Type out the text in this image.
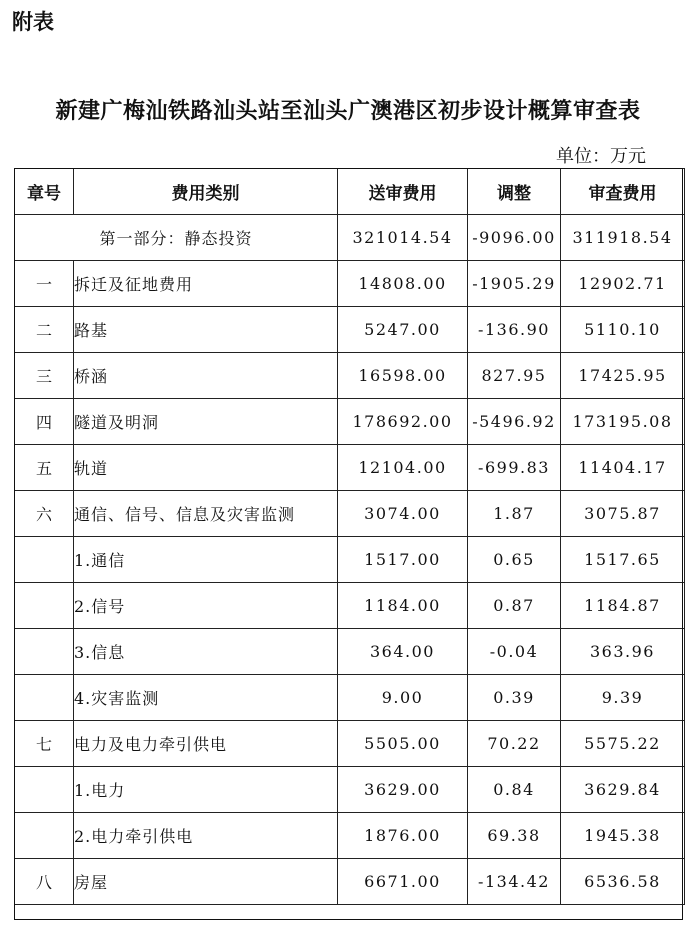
附表
新建广梅汕铁路汕头站至汕头广澳港区初步设计概算审查表
单位：万元
章号	费用类别	送审费用	调整	审查费用
第一部分：静态投资		321014.54	-9096.00	311918.54
一	拆迁及征地费用	14808.00	-1905.29	12902.71
二	路基	5247.00	-136.90	5110.10
三	桥涵	16598.00	827.95	17425.95
四	隧道及明洞	178692.00	-5496.92	173195.08
五	轨道	12104.00	-699.83	11404.17
六	通信、信号、信息及灾害监测	3074.00	1.87	3075.87
	1.通信	1517.00	0.65	1517.65
	2.信号	1184.00	0.87	1184.87
	3.信息	364.00	-0.04	363.96
	4.灾害监测	9.00	0.39	9.39
七	电力及电力牵引供电	5505.00	70.22	5575.22
	1.电力	3629.00	0.84	3629.84
	2.电力牵引供电	1876.00	69.38	1945.38
八	房屋	6671.00	-134.42	6536.58
